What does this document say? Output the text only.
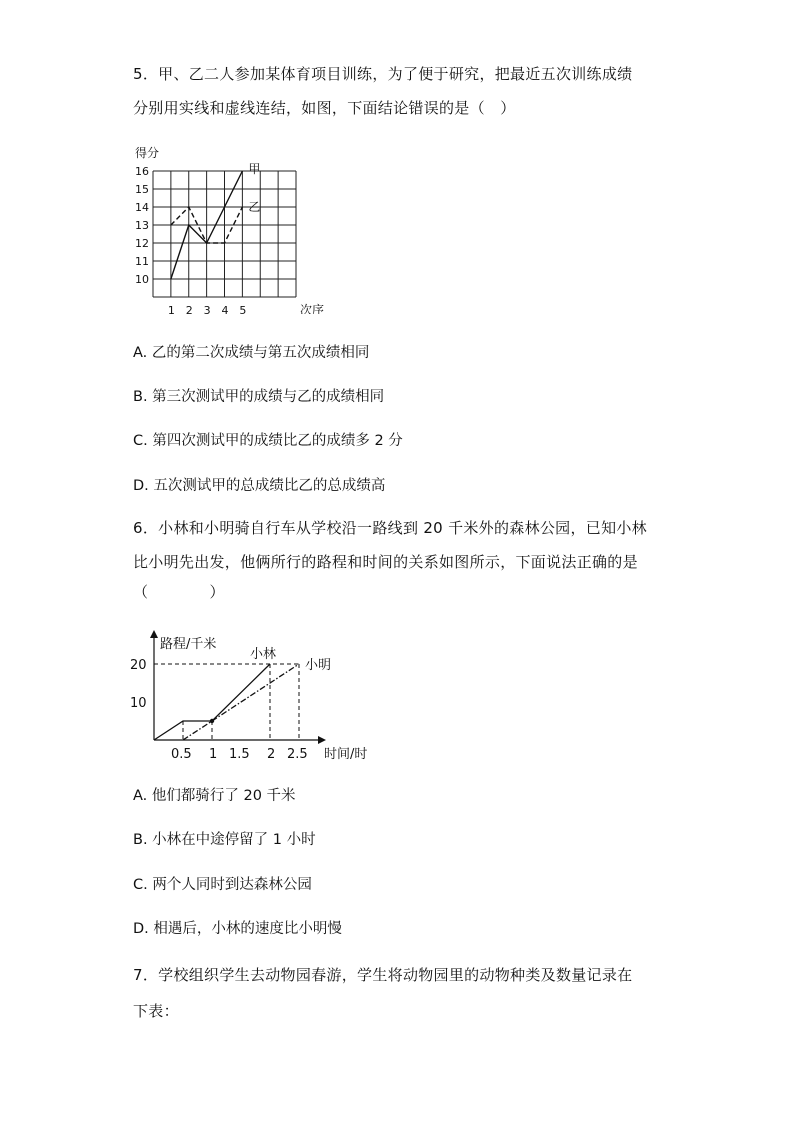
5．甲、乙二人参加某体育项目训练，为了便于研究，把最近五次训练成绩
分别用实线和虚线连结，如图，下面结论错误的是（　）
10
11
12
13
14
15
16
1 2 3 4 5
得分
次序
甲
乙
A. 乙的第二次成绩与第五次成绩相同
B. 第三次测试甲的成绩与乙的成绩相同
C. 第四次测试甲的成绩比乙的成绩多 2 分
D. 五次测试甲的总成绩比乙的总成绩高
6．小林和小明骑自行车从学校沿一路线到 20 千米外的森林公园，已知小林
比小明先出发，他俩所行的路程和时间的关系如图所示，下面说法正确的是
（　　　　）
路程/千米
时间/时
10
20
0.5 1 1.5 2 2.5
小林
小明
A. 他们都骑行了 20 千米
B. 小林在中途停留了 1 小时
C. 两个人同时到达森林公园
D. 相遇后，小林的速度比小明慢
7．学校组织学生去动物园春游，学生将动物园里的动物种类及数量记录在
下表：
